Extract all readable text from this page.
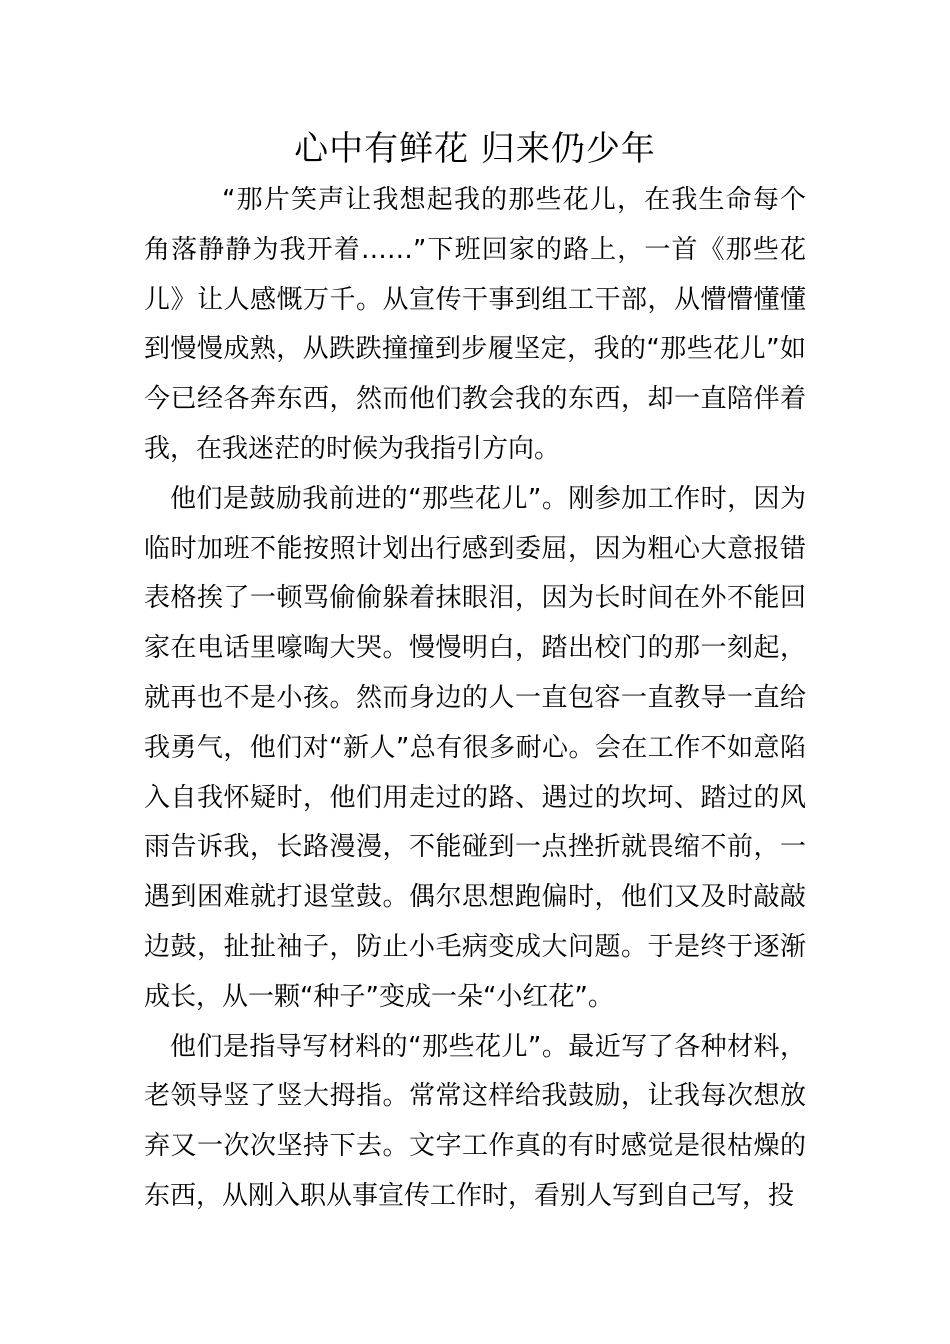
心中有鲜花 归来仍少年

“那片笑声让我想起我的那些花儿，在我生命每个角落静静为我开着……”下班回家的路上，一首《那些花儿》让人感慨万千。从宣传干事到组工干部，从懵懵懂懂到慢慢成熟，从跌跌撞撞到步履坚定，我的“那些花儿”如今已经各奔东西，然而他们教会我的东西，却一直陪伴着我，在我迷茫的时候为我指引方向。

他们是鼓励我前进的“那些花儿”。刚参加工作时，因为临时加班不能按照计划出行感到委屈，因为粗心大意报错表格挨了一顿骂偷偷躲着抹眼泪，因为长时间在外不能回家在电话里嚎啕大哭。慢慢明白，踏出校门的那一刻起，就再也不是小孩。然而身边的人一直包容一直教导一直给我勇气，他们对“新人”总有很多耐心。会在工作不如意陷入自我怀疑时，他们用走过的路、遇过的坎坷、踏过的风雨告诉我，长路漫漫，不能碰到一点挫折就畏缩不前，一遇到困难就打退堂鼓。偶尔思想跑偏时，他们又及时敲敲边鼓，扯扯袖子，防止小毛病变成大问题。于是终于逐渐成长，从一颗“种子”变成一朵“小红花”。

他们是指导写材料的“那些花儿”。最近写了各种材料，老领导竖了竖大拇指。常常这样给我鼓励，让我每次想放弃又一次次坚持下去。文字工作真的有时感觉是很枯燥的东西，从刚入职从事宣传工作时，看别人写到自己写，投
